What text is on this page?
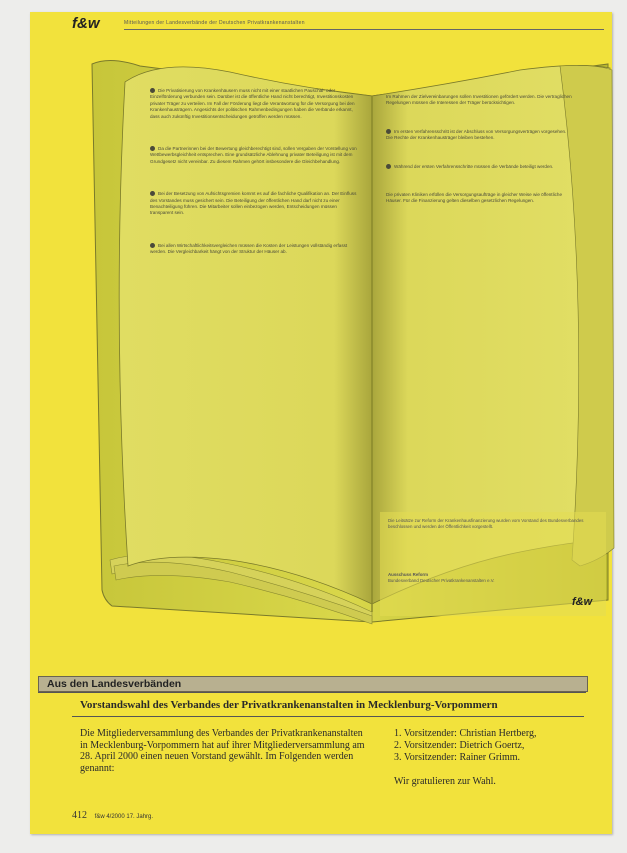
f&w	Mitteilungen der Landesverbände der Deutschen Privatkrankenanstalten

Die Privatisierung von Krankenhäusern muss nicht mit einer staatlichen Pauschal- oder Einzelförderung verbunden sein. Darüber ist die öffentliche Hand nicht berechtigt, Investitionskosten privater Träger zu verteilen. Im Fall der Förderung liegt die Verantwortung für die Versorgung bei den Krankenhausträgern. Angesichts der politischen Rahmenbedingungen haben die Verbände erkannt, dass auch zukünftig Investitionsentscheidungen getroffen werden müssen.

Da die Partnerinnen bei der Bewertung gleichberechtigt sind, sollen Vergaben der Vorstellung von Wettbewerbsgleichheit entsprechen. Eine grundsätzliche Ablehnung privater Beteiligung ist mit dem Grundgesetz nicht vereinbar. Zu diesem Rahmen gehört insbesondere die Gleichbehandlung.

Bei der Besetzung von Aufsichtsgremien kommt es auf die fachliche Qualifikation an. Der Einfluss des Vorstandes muss gesichert sein. Die Beteiligung der öffentlichen Hand darf nicht zu einer Benachteiligung führen. Die Mitarbeiter sollen einbezogen werden, Entscheidungen müssen transparent sein.

Bei allen Wirtschaftlichkeitsvergleichen müssen die Kosten der Leistungen vollständig erfasst werden. Die Vergleichbarkeit hängt von der Struktur der Häuser ab.

Im Rahmen der Zielvereinbarungen sollen Investitionen gefördert werden. Die vertraglichen Regelungen müssen die Interessen der Träger berücksichtigen.

Im ersten Verfahrensschritt ist der Abschluss von Versorgungsverträgen vorgesehen. Die Rechte der Krankenhausträger bleiben bestehen.

Während der ersten Verfahrensschritte müssen die Verbände beteiligt werden.

Die privaten Kliniken erfüllen die Versorgungsaufträge in gleicher Weise wie öffentliche Häuser. Für die Finanzierung gelten dieselben gesetzlichen Regelungen.

Die Leitsätze zur Reform der Krankenhausfinanzierung wurden vom Vorstand des Bundesverbandes beschlossen und werden der Öffentlichkeit vorgestellt.
Ausschuss Reform
Bundesverband Deutscher Privatkrankenanstalten e.V.
f&w
Aus den Landesverbänden
Vorstandswahl des Verbandes der Privatkrankenanstalten in Mecklenburg-Vorpommern
Die Mitgliederversammlung des Verbandes der Privatkrankenanstalten in Mecklenburg-Vorpommern hat auf ihrer Mitgliederversammlung am 28. April 2000 einen neuen Vorstand gewählt. Im Folgenden werden genannt:
1. Vorsitzender: Christian Hertberg,
2. Vorsitzender: Dietrich Goertz,
3. Vorsitzender: Rainer Grimm.
Wir gratulieren zur Wahl.
412 f&w 4/2000 17. Jahrg.
